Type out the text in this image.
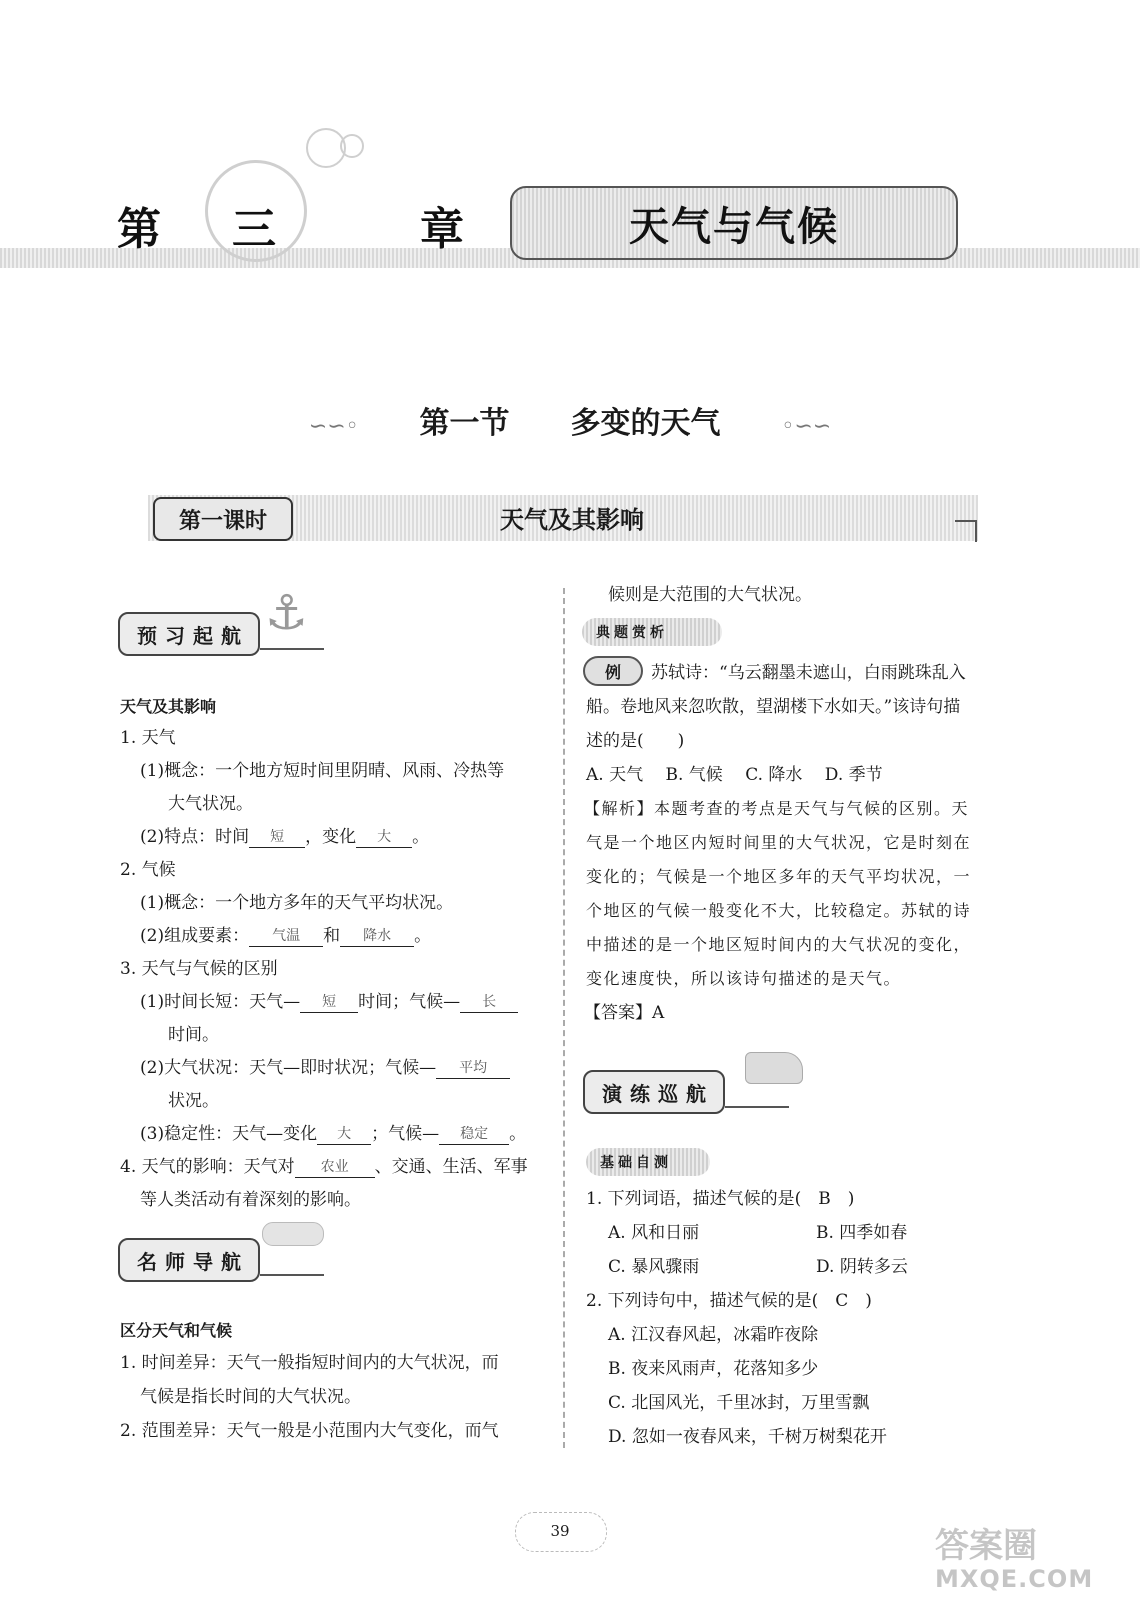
第 三	章	天气与气候
∽∽◦ 第一节 多变的天气	◦∽∽
第一课时	天气及其影响
⚓
预习起航
天气及其影响
1. 天气
(1)概念：一个地方短时间里阴晴、风雨、冷热等
大气状况。
(2)特点：时间 短 ，变化 大 。
2. 气候
(1)概念：一个地方多年的天气平均状况。
(2)组成要素： 气温 和 降水 。
3. 天气与气候的区别
(1)时间长短：天气— 短 时间；气候— 长
时间。
(2)大气状况：天气—即时状况；气候— 平均
状况。
(3)稳定性：天气—变化 大 ；气候— 稳定 。
4. 天气的影响：天气对 农业 、交通、生活、军事
等人类活动有着深刻的影响。
名师导航
区分天气和气候
1. 时间差异：天气一般指短时间内的大气状况，而
气候是指长时间的大气状况。
2. 范围差异：天气一般是小范围内大气变化，而气
候则是大范围的大气状况。
典题赏析
例	苏轼诗：“乌云翻墨未遮山，白雨跳珠乱入
船。卷地风来忽吹散，望湖楼下水如天。”该诗句描
述的是(　　)
A. 天气　 B. 气候　 C. 降水　 D. 季节
【解析】本题考查的考点是天气与气候的区别。天
气是一个地区内短时间里的大气状况，它是时刻在
变化的；气候是一个地区多年的天气平均状况，一
个地区的气候一般变化不大，比较稳定。苏轼的诗
中描述的是一个地区短时间内的大气状况的变化，
变化速度快，所以该诗句描述的是天气。
【答案】A
演练巡航
基础自测
1. 下列词语，描述气候的是(　B　)
A. 风和日丽	B. 四季如春
C. 暴风骤雨	D. 阴转多云
2. 下列诗句中，描述气候的是(　C　)
A. 江汉春风起，冰霜昨夜除
B. 夜来风雨声，花落知多少
C. 北国风光，千里冰封，万里雪飘
D. 忽如一夜春风来，千树万树梨花开
39	答案圈
MXQE.COM
